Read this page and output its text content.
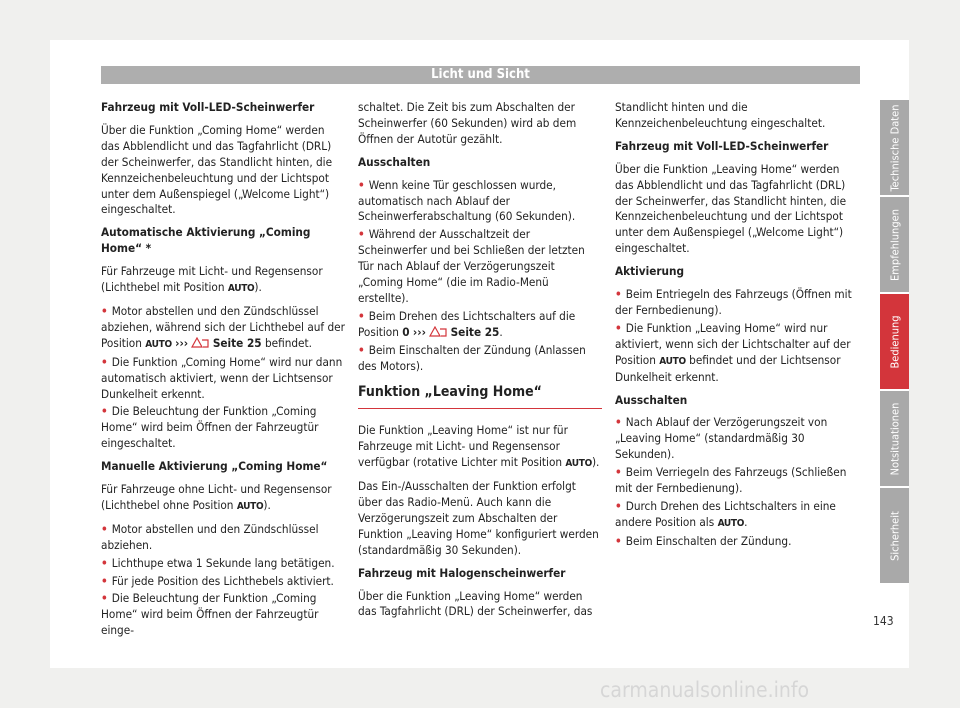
Licht und Sicht

Fahrzeug mit Voll-LED-Scheinwerfer

Über die Funktion „Coming Home“ werden das Abblendlicht und das Tagfahrlicht (DRL) der Scheinwerfer, das Standlicht hinten, die Kennzeichenbeleuchtung und der Lichtspot unter dem Außenspiegel („Welcome Light“) eingeschaltet.

Automatische Aktivierung „Coming Home“ *

Für Fahrzeuge mit Licht- und Regensensor (Lichthebel mit Position AUTO).

• Motor abstellen und den Zündschlüssel abziehen, während sich der Lichthebel auf der Position AUTO ››› Seite 25 befindet.
• Die Funktion „Coming Home“ wird nur dann automatisch aktiviert, wenn der Lichtsensor Dunkelheit erkennt.
• Die Beleuchtung der Funktion „Coming Home“ wird beim Öffnen der Fahrzeugtür eingeschaltet.

Manuelle Aktivierung „Coming Home“

Für Fahrzeuge ohne Licht- und Regensensor (Lichthebel ohne Position AUTO).

• Motor abstellen und den Zündschlüssel abziehen.
• Lichthupe etwa 1 Sekunde lang betätigen.
• Für jede Position des Lichthebels aktiviert.
• Die Beleuchtung der Funktion „Coming Home“ wird beim Öffnen der Fahrzeugtür einge-

schaltet. Die Zeit bis zum Abschalten der Scheinwerfer (60 Sekunden) wird ab dem Öffnen der Autotür gezählt.

Ausschalten

• Wenn keine Tür geschlossen wurde, automatisch nach Ablauf der Scheinwerferabschaltung (60 Sekunden).
• Während der Ausschaltzeit der Scheinwerfer und bei Schließen der letzten Tür nach Ablauf der Verzögerungszeit „Coming Home“ (die im Radio-Menü erstellte).
• Beim Drehen des Lichtschalters auf die Position 0 ››› Seite 25.
• Beim Einschalten der Zündung (Anlassen des Motors).
Funktion „Leaving Home“

Die Funktion „Leaving Home“ ist nur für Fahrzeuge mit Licht- und Regensensor verfügbar (rotative Lichter mit Position AUTO).

Das Ein-/Ausschalten der Funktion erfolgt über das Radio-Menü. Auch kann die Verzögerungszeit zum Abschalten der Funktion „Leaving Home“ konfiguriert werden (standardmäßig 30 Sekunden).

Fahrzeug mit Halogenscheinwerfer

Über die Funktion „Leaving Home“ werden das Tagfahrlicht (DRL) der Scheinwerfer, das

Standlicht hinten und die Kennzeichenbeleuchtung eingeschaltet.

Fahrzeug mit Voll-LED-Scheinwerfer

Über die Funktion „Leaving Home“ werden das Abblendlicht und das Tagfahrlicht (DRL) der Scheinwerfer, das Standlicht hinten, die Kennzeichenbeleuchtung und der Lichtspot unter dem Außenspiegel („Welcome Light“) eingeschaltet.

Aktivierung

• Beim Entriegeln des Fahrzeugs (Öffnen mit der Fernbedienung).
• Die Funktion „Leaving Home“ wird nur aktiviert, wenn sich der Lichtschalter auf der Position AUTO befindet und der Lichtsensor Dunkelheit erkennt.

Ausschalten

• Nach Ablauf der Verzögerungszeit von „Leaving Home“ (standardmäßig 30 Sekunden).
• Beim Verriegeln des Fahrzeugs (Schließen mit der Fernbedienung).
• Durch Drehen des Lichtschalters in eine andere Position als AUTO.
• Beim Einschalten der Zündung.
Technische Daten
Empfehlungen
Bedienung
Notsituationen
Sicherheit
143
carmanualsonline.info
